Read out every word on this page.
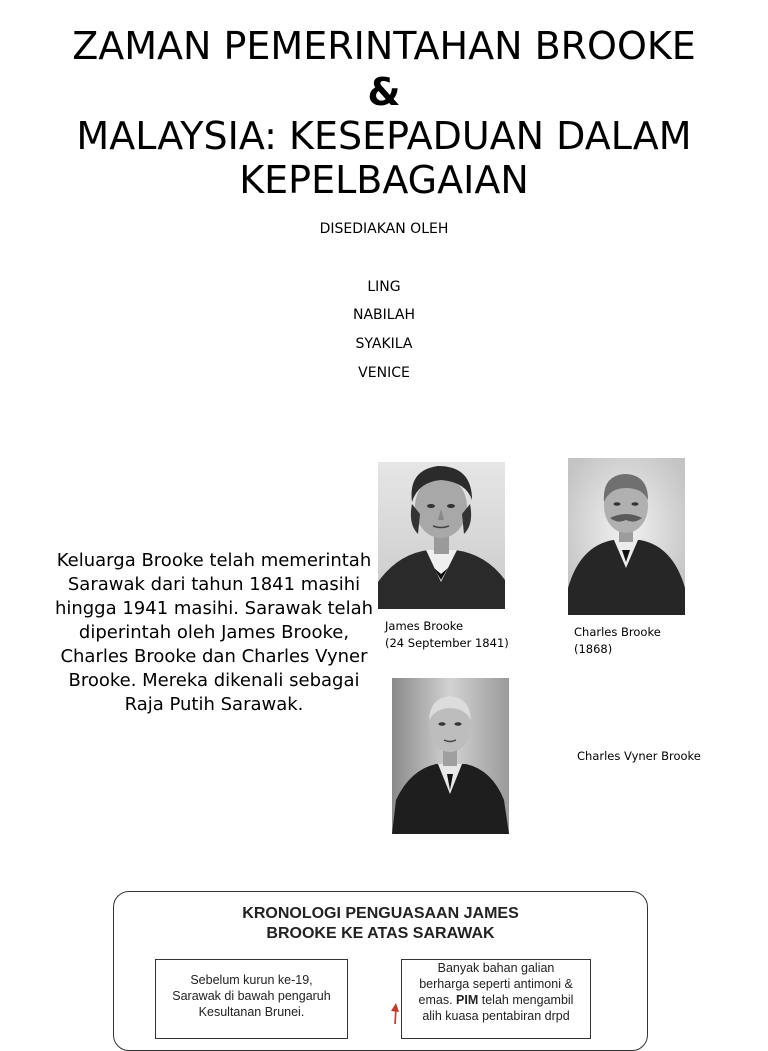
ZAMAN PEMERINTAHAN BROOKE
&
MALAYSIA: KESEPADUAN DALAM
KEPELBAGAIAN
DISEDIAKAN OLEH
LING
NABILAH
SYAKILA
VENICE
Keluarga Brooke telah memerintah Sarawak dari tahun 1841 masihi hingga 1941 masihi. Sarawak telah diperintah oleh James Brooke, Charles Brooke dan Charles Vyner Brooke. Mereka dikenali sebagai Raja Putih Sarawak.
James Brooke
(24 September 1841)
Charles Brooke
(1868)
Charles Vyner Brooke
KRONOLOGI PENGUASAAN JAMES
BROOKE KE ATAS SARAWAK
Sebelum kurun ke-19,
Sarawak di bawah pengaruh
Kesultanan Brunei.
Banyak bahan galian
berharga seperti antimoni &
emas. PIM telah mengambil
alih kuasa pentabiran drpd
